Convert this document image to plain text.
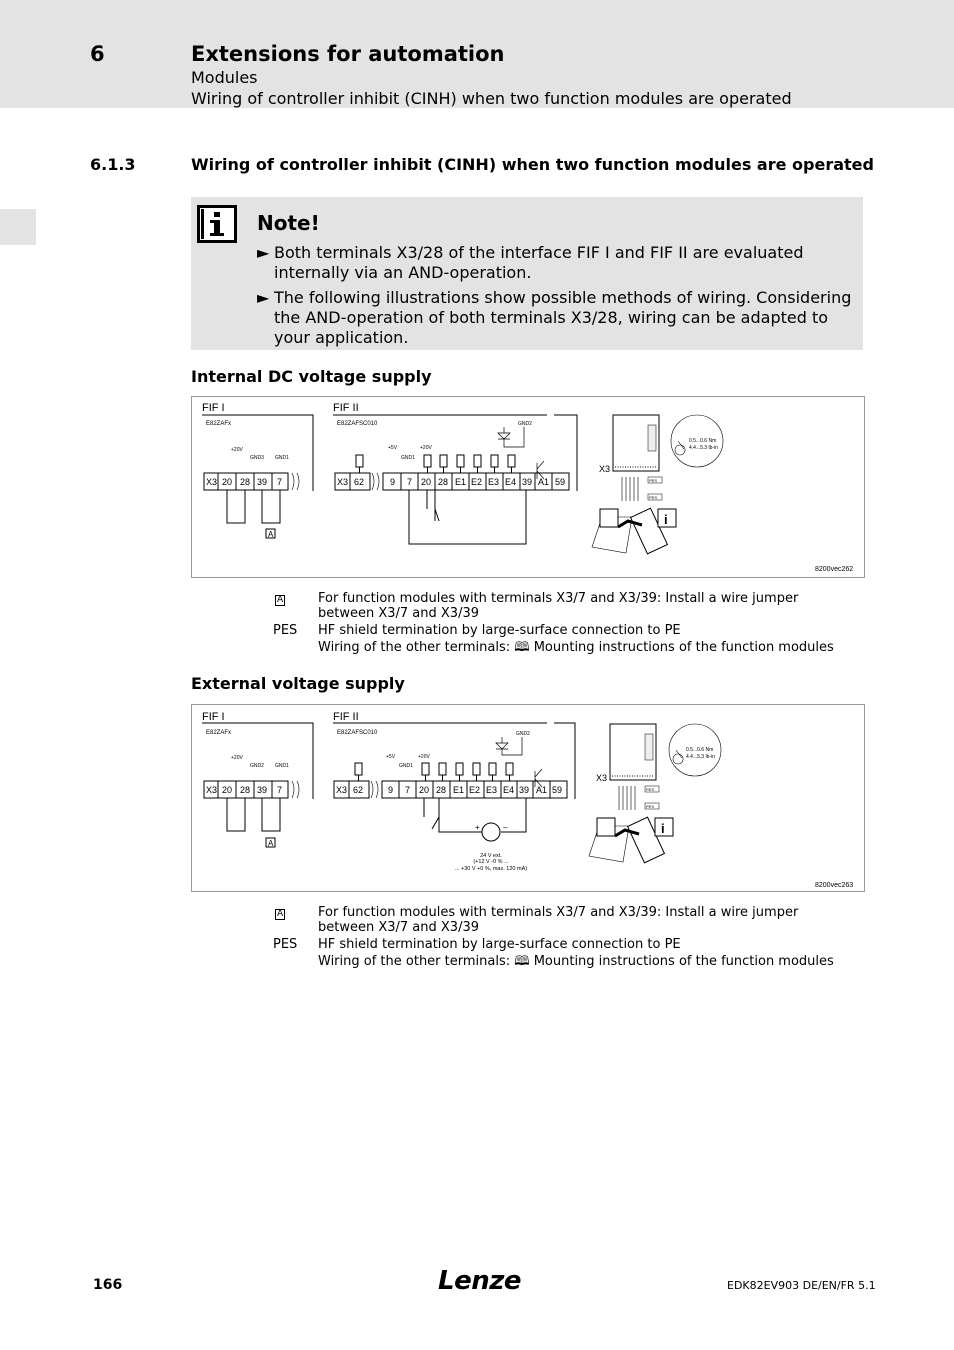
6	Extensions for automation
Modules
Wiring of controller inhibit (CINH) when two function modules are operated
6.1.3	Wiring of controller inhibit (CINH) when two function modules are operated
Note!
► Both terminals X3/28 of the interface FIF I and FIF II are evaluated internally via an AND-operation.
► The following illustrations show possible methods of wiring. Considering the AND-operation of both terminals X3/28, wiring can be adapted to your application.
Internal DC voltage supply
FIF I
E82ZAFx
+20V
GND3 GND1
X3 20 28 39 7
A
FIF II
E82ZAFSC010
+5V	+20V
GND1
GND2
X3 62	9 7 20 28 E1 E2 E3 E4 39 A1 59
X3
PES
PES
i
0.5...0.6 Nm
4.4...5.3 lb-in
8200vec262
A	For function modules with terminals X3/7 and X3/39: Install a wire jumper between X3/7 and X3/39
PES	HF shield termination by large-surface connection to PE
Wiring of the other terminals: 🕮 Mounting instructions of the function modules
External voltage supply
FIF I
E82ZAFx
+20V
GND2 GND1
X3 20 28 39 7
A
FIF II
E82ZAFSC010
+5V	+20V
GND1
GND2
X3 62	9 7 20 28 E1 E2 E3 E4 39 A1 59
+	–
24 V ext.
(+12 V -0 % ...
... +30 V +0 %, max. 120 mA)
X3
PES
PES
i
0.5...0.6 Nm
4.4...5.3 lb-in
8200vec263
A	For function modules with terminals X3/7 and X3/39: Install a wire jumper between X3/7 and X3/39
PES	HF shield termination by large-surface connection to PE
Wiring of the other terminals: 🕮 Mounting instructions of the function modules
166	Lenze	EDK82EV903 DE/EN/FR 5.1
